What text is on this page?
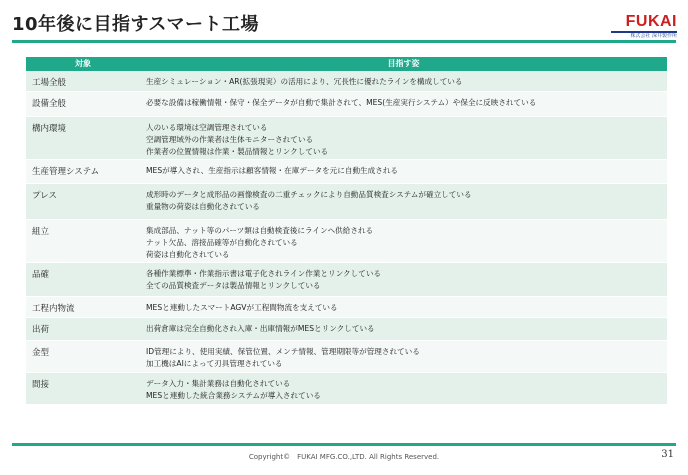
10年後に目指すスマート工場	FUKAI
株式会社 深井製作所
対象	目指す姿
工場全般	生産シミュレーション・AR(拡張現実）の活用により、冗長性に優れたラインを構成している
設備全般	必要な設備は稼働情報・保守・保全データが自動で集計されて、MES(生産実行システム）や保全に反映されている
構内環境	人のいる環境は空調管理されている
空調管理域外の作業者は生体モニターされている
作業者の位置情報は作業・製品情報とリンクしている
生産管理システム	MESが導入され、生産指示は顧客情報・在庫データを元に自動生成される
プレス	成形時のデータと成形品の画像検査の二重チェックにより自動品質検査システムが確立している
重量物の荷姿は自動化されている
組立	集成部品、ナット等のパーツ類は自動検査後にラインへ供給される
ナット欠品、溶接品確等が自動化されている
荷姿は自動化されている
品確	各種作業標準・作業指示書は電子化されライン作業とリンクしている
全ての品質検査データは製品情報とリンクしている
工程内物流	MESと連動したスマートAGVが工程間物流を支えている
出荷	出荷倉庫は完全自動化され入庫・出庫情報がMESとリンクしている
金型	ID管理により、使用実績、保管位置、メンテ情報、管理期限等が管理されている
加工機はAIによって刃具管理されている
間接	データ入力・集計業務は自動化されている
MESと連動した統合業務システムが導入されている
Copyright©　FUKAI MFG.CO.,LTD. All Rights Reserved.	31
